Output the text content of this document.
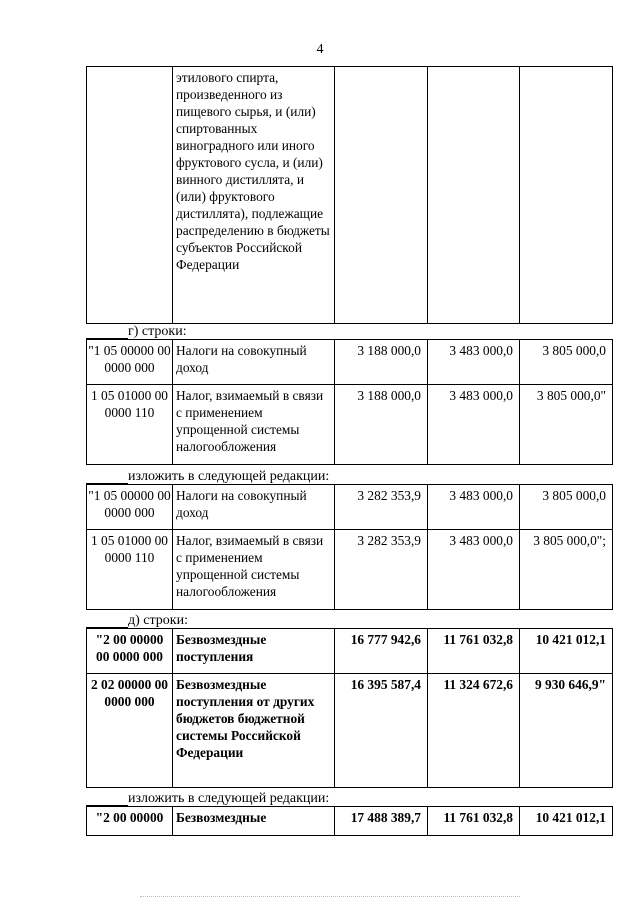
4
	этилового спирта, произведенного из пищевого сырья, и (или) спиртованных виноградного или иного фруктового сусла, и (или) винного дистиллята, и (или) фруктового дистиллята), подлежащие распределению в бюджеты субъектов Российской Федерации			
г) строки:
"1 05 00000 00 0000 000	Налоги на совокупный доход	3 188 000,0	3 483 000,0	3 805 000,0
1 05 01000 00 0000 110	Налог, взимаемый в связи с применением упрощенной системы налогообложения	3 188 000,0	3 483 000,0	3 805 000,0"
изложить в следующей редакции:
"1 05 00000 00 0000 000	Налоги на совокупный доход	3 282 353,9	3 483 000,0	3 805 000,0
1 05 01000 00 0000 110	Налог, взимаемый в связи с применением упрощенной системы налогообложения	3 282 353,9	3 483 000,0	3 805 000,0";
д) строки:
"2 00 00000 00 0000 000	Безвозмездные поступления	16 777 942,6	11 761 032,8	10 421 012,1
2 02 00000 00 0000 000	Безвозмездные поступления от других бюджетов бюджетной системы Российской Федерации	16 395 587,4	11 324 672,6	9 930 646,9"
изложить в следующей редакции:
"2 00 00000	Безвозмездные	17 488 389,7	11 761 032,8	10 421 012,1
